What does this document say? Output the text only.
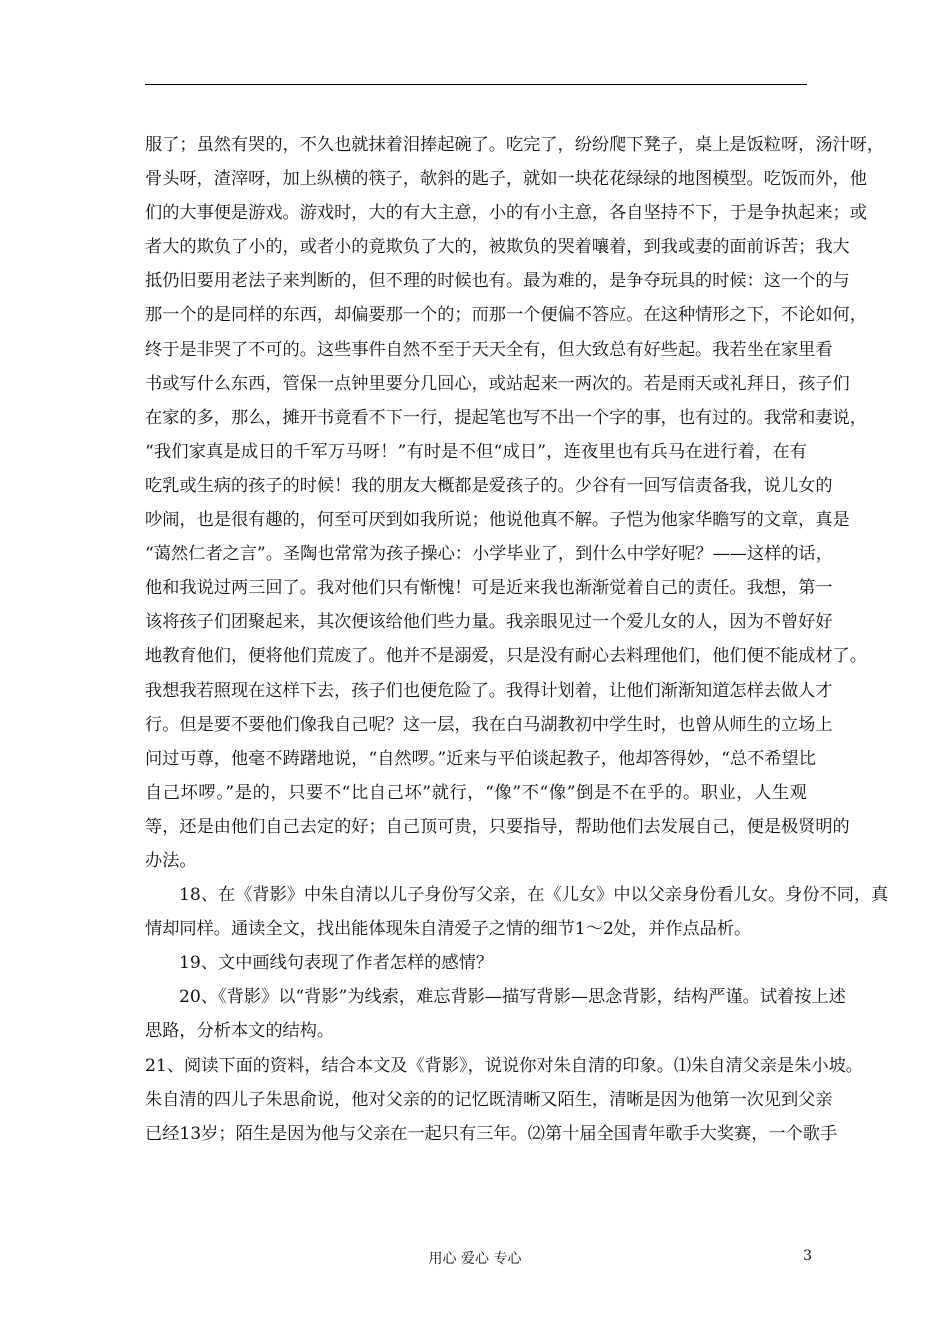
服了；虽然有哭的，不久也就抹着泪捧起碗了。吃完了，纷纷爬下凳子，桌上是饭粒呀，汤汁呀，
骨头呀，渣滓呀，加上纵横的筷子，欹斜的匙子，就如一块花花绿绿的地图模型。吃饭而外，他
们的大事便是游戏。游戏时，大的有大主意，小的有小主意，各自坚持不下，于是争执起来；或
者大的欺负了小的，或者小的竟欺负了大的，被欺负的哭着嚷着，到我或妻的面前诉苦；我大
抵仍旧要用老法子来判断的，但不理的时候也有。最为难的，是争夺玩具的时候：这一个的与
那一个的是同样的东西，却偏要那一个的；而那一个便偏不答应。在这种情形之下，不论如何，
终于是非哭了不可的。这些事件自然不至于天天全有，但大致总有好些起。我若坐在家里看
书或写什么东西，管保一点钟里要分几回心，或站起来一两次的。若是雨天或礼拜日，孩子们
在家的多，那么，摊开书竟看不下一行，提起笔也写不出一个字的事，也有过的。我常和妻说，
“我们家真是成日的千军万马呀！”有时是不但“成日”，连夜里也有兵马在进行着，在有
吃乳或生病的孩子的时候！我的朋友大概都是爱孩子的。少谷有一回写信责备我，说儿女的
吵闹，也是很有趣的，何至可厌到如我所说；他说他真不解。子恺为他家华瞻写的文章，真是
“蔼然仁者之言”。圣陶也常常为孩子操心：小学毕业了，到什么中学好呢？——这样的话，
他和我说过两三回了。我对他们只有惭愧！可是近来我也渐渐觉着自己的责任。我想，第一
该将孩子们团聚起来，其次便该给他们些力量。我亲眼见过一个爱儿女的人，因为不曾好好
地教育他们，便将他们荒废了。他并不是溺爱，只是没有耐心去料理他们，他们便不能成材了。
我想我若照现在这样下去，孩子们也便危险了。我得计划着，让他们渐渐知道怎样去做人才
行。但是要不要他们像我自己呢？这一层，我在白马湖教初中学生时，也曾从师生的立场上
问过丏尊，他毫不踌躇地说，“自然啰。”近来与平伯谈起教子，他却答得妙，“总不希望比
自己坏啰。”是的，只要不“比自己坏”就行，“像”不“像”倒是不在乎的。职业，人生观
等，还是由他们自己去定的好；自己顶可贵，只要指导，帮助他们去发展自己，便是极贤明的
办法。
18、在《背影》中朱自清以儿子身份写父亲，在《儿女》中以父亲身份看儿女。身份不同，真
情却同样。通读全文，找出能体现朱自清爱子之情的细节1～2处，并作点品析。
19、文中画线句表现了作者怎样的感情？
20、《背影》以“背影”为线索，难忘背影—描写背影—思念背影，结构严谨。试着按上述
思路，分析本文的结构。
21、阅读下面的资料，结合本文及《背影》，说说你对朱自清的印象。⑴朱自清父亲是朱小坡。
朱自清的四儿子朱思俞说，他对父亲的的记忆既清晰又陌生，清晰是因为他第一次见到父亲
已经13岁；陌生是因为他与父亲在一起只有三年。⑵第十届全国青年歌手大奖赛，一个歌手
用心 爱心 专心	3
